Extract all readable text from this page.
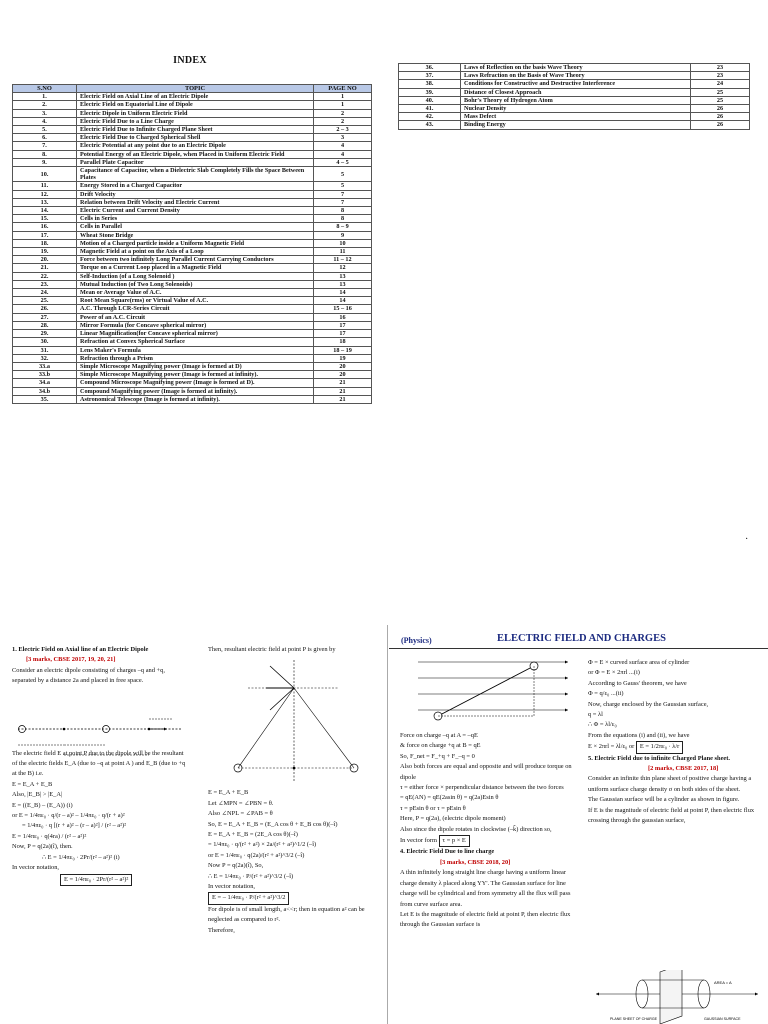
INDEX
S.NO	TOPIC	PAGE NO
1.	Electric Field on Axial Line of an Electric Dipole	1
2.	Electric Field on Equatorial Line of Dipole	1
3.	Electric Dipole in Uniform Electric Field	2
4.	Electric Field Due to a Line Charge	2
5.	Electric Field Due to Infinite Charged Plane Sheet	2 – 3
6.	Electric Field Due to Charged Spherical Shell	3
7.	Electric Potential at any point due to an Electric Dipole	4
8.	Potential Energy of an Electric Dipole, when Placed in Uniform Electric Field	4
9.	Parallel Plate Capacitor	4 – 5
10.	Capacitance of Capacitor, when a Dielectric Slab Completely Fills the Space Between Plates	5
11.	Energy Stored in a Charged Capacitor	5
12.	Drift Velocity	7
13.	Relation between Drift Velocity and Electric Current	7
14.	Electric Current and Current Density	8
15.	Cells in Series	8
16.	Cells in Parallel	8 – 9
17.	Wheat Stone Bridge	9
18.	Motion of a Charged particle inside a Uniform Magnetic Field	10
19.	Magnetic Field at a point on the Axis of a Loop	11
20.	Force between two infinitely Long Parallel Current Carrying Conductors	11 – 12
21.	Torque on a Current Loop placed in a Magnetic Field	12
22.	Self-Induction (of a Long Solenoid )	13
23.	Mutual Induction (of Two Long Solenoids)	13
24.	Mean or Average Value of A.C.	14
25.	Root Mean Square(rms) or Virtual Value of A.C.	14
26.	A.C. Through LCR-Series Circuit	15 – 16
27.	Power of an A.C. Circuit	16
28.	Mirror Formula (for Concave spherical mirror)	17
29.	Linear Magnification(for Concave spherical mirror)	17
30.	Refraction at Convex Spherical Surface	18
31.	Lens Maker's Formula	18 – 19
32.	Refraction through a Prism	19
33.a	Simple Microscope Magnifying power (Image is formed at D)	20
33.b	Simple Microscope Magnifying power (Image is formed at infinity).	20
34.a	Compound Microscope Magnifying power (Image is formed at D).	21
34.b	Compound Magnifying power (Image is formed at infinity).	21
35.	Astronomical Telescope (Image is formed at infinity).	21
36.	Laws of Reflection on the basis Wave Theory	23
37.	Laws Refraction on the Basis of Wave Theory	23
38.	Conditions for Constructive and Destructive Interference	24
39.	Distance of Closest Approach	25
40.	Bohr's Theory of Hydrogen Atom	25
41.	Nuclear Density	26
42.	Mass Defect	26
43.	Binding Energy	26
·
(Physics)	ELECTRIC FIELD AND CHARGES

1. Electric Field on Axial line of an Electric Dipole

[3 marks, CBSE 2017, 19, 20, 21]

Consider an electric dipole consisting of charges –q and +q, separated by a distance 2a and placed in free space.

The electric field E at point P due to the dipole will be the resultant of the electric fields E_A (due to –q at point A ) and E_B (due to +q at the B) i.e.

E = E_A + E_B

Also, |E_B| > |E_A|

E = ((E_B) – (E_A)) (i)

or E = 1/4πε₀ · q/(r – a)² – 1/4πε₀ · q/(r + a)²

= 1/4πε₀ · q [(r + a)² – (r – a)²] / (r² – a²)²

E = 1/4πε₀ · q(4ra) / (r² – a²)²

Now, P = q(2a)(î), then.

∴ E = 1/4πε₀ · 2Pr/(r² – a²)² (i)

In vector notation,

E = 1/4πε₀ · 2Pr/(r² – a²)²

Then, resultant electric field at point P is given by

E = E_A + E_B

Let ∠MPN = ∠PBN = θ.

Also ∠NPL = ∠PAB = θ

So, E = E_A + E_B = (E_A cos θ + E_B cos θ)(–î)

E = E_A + E_B = (2E_A cos θ)(–î)

= 1/4πε₀ · q/(r² + a²) × 2a/(r² + a²)^1/2 (–î)

or E = 1/4πε₀ · q(2a)/(r² + a²)^3/2 (–î)

Now P = q(2a)(î), So,

∴ E = 1/4πε₀ · P/(r² + a²)^3/2 (–î)

In vector notation,

E = – 1/4πε₀ · P/(r² + a²)^3/2

For dipole is of small length, a<<r; then in equation a² can be neglected as compared to r².

Therefore,

Force on charge –q at A = –qE

& force on charge +q at B = qE

So, F_net = F_+q + F_–q = 0

Also both forces are equal and opposite and will produce torque on dipole

τ = either force × perpendicular distance between the two forces

= qE(AN) = qE(2asin θ) = q(2a)Esin θ

τ = pEsin θ or τ = pEsin θ

Here, P = q(2a), (electric dipole moment)

Also since the dipole rotates in clockwise (–k̂) direction so,

In vector form τ = p × E

4. Electric Field Due to line charge

[3 marks, CBSE 2018, 20]

A thin infinitely long straight line charge having a uniform linear charge density λ placed along YY'. The Gaussian surface for line charge will be cylindrical and from symmetry all the flux will pass from curve surface area.

Let E is the magnitude of electric field at point P, then electric flux through the Gaussian surface is

Φ = E × curved surface area of cylinder

or Φ = E × 2πrl ...(i)

According to Gauss' theorem, we have

Φ = q/ε₀ ...(ii)

Now, charge enclosed by the Gaussian surface,

q = λl

∴ Φ = λl/ε₀

From the equations (i) and (ii), we have

E × 2πrl = λl/ε₀ or E = 1/2πε₀ · λ/r

5. Electric Field due to infinite Charged Plane sheet.

[2 marks, CBSE 2017, 18]

Consider an infinite thin plane sheet of positive charge having a uniform surface charge density σ on both sides of the sheet.

The Gaussian surface will be a cylinder as shown in figure.

If E is the magnitude of electric field at point P, then electric flux crossing through the gaussian surface,

AREA = A
PLANE SHEET OF CHARGE	GAUSSIAN SURFACE
